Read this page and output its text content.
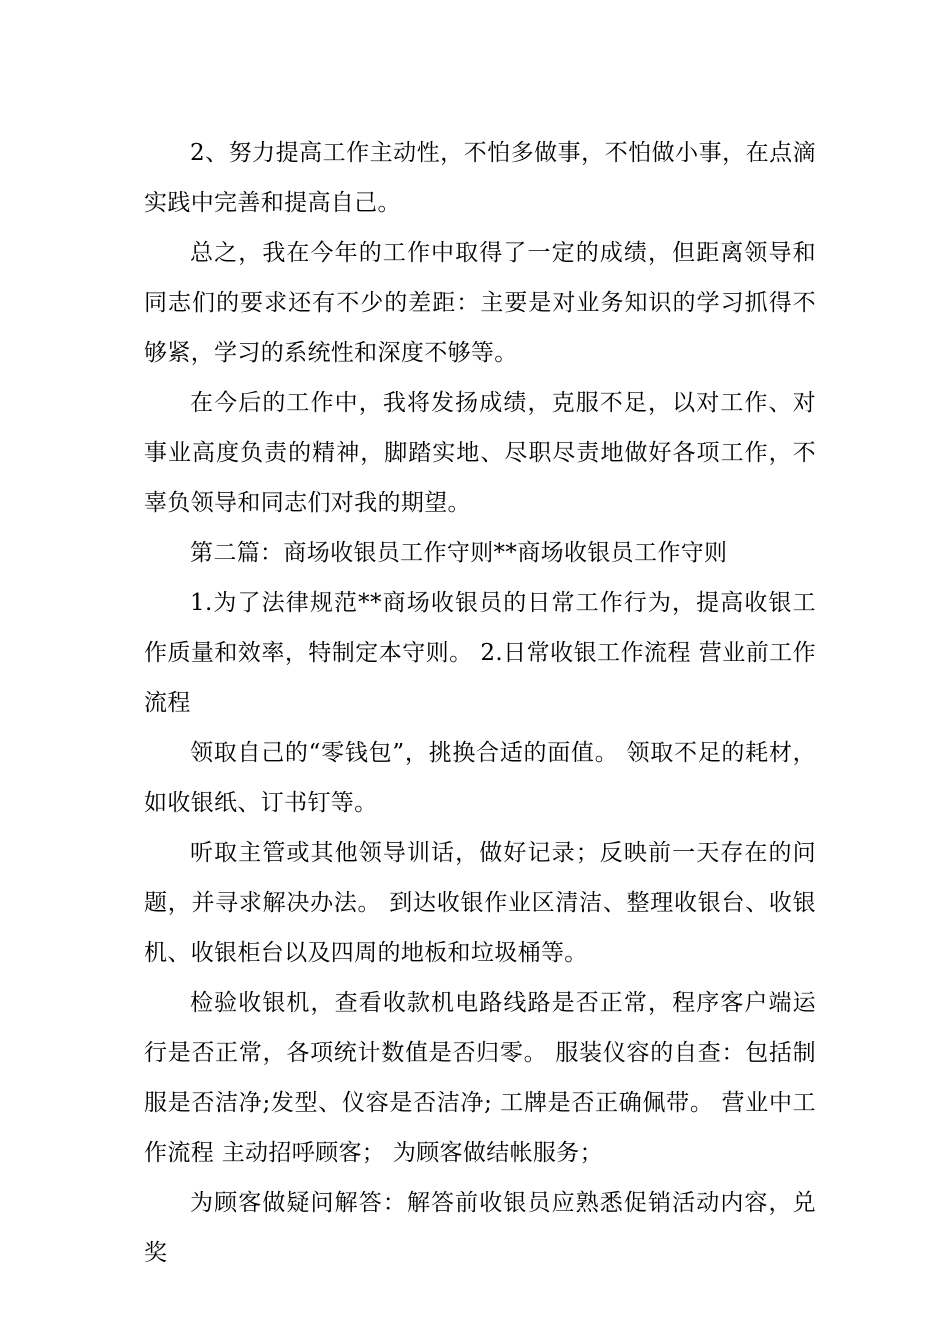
2、努力提高工作主动性，不怕多做事，不怕做小事，在点滴实践中完善和提高自己。

总之，我在今年的工作中取得了一定的成绩，但距离领导和同志们的要求还有不少的差距：主要是对业务知识的学习抓得不够紧，学习的系统性和深度不够等。

在今后的工作中，我将发扬成绩，克服不足，以对工作、对事业高度负责的精神，脚踏实地、尽职尽责地做好各项工作，不辜负领导和同志们对我的期望。

第二篇：商场收银员工作守则**商场收银员工作守则

1.为了法律规范**商场收银员的日常工作行为，提高收银工作质量和效率，特制定本守则。 2.日常收银工作流程 营业前工作流程

领取自己的“零钱包”，挑换合适的面值。 领取不足的耗材，如收银纸、订书钉等。

听取主管或其他领导训话，做好记录；反映前一天存在的问题，并寻求解决办法。 到达收银作业区清洁、整理收银台、收银机、收银柜台以及四周的地板和垃圾桶等。

检验收银机，查看收款机电路线路是否正常，程序客户端运行是否正常，各项统计数值是否归零。 服装仪容的自查：包括制服是否洁净;发型、仪容是否洁净; 工牌是否正确佩带。 营业中工作流程 主动招呼顾客； 为顾客做结帐服务；

为顾客做疑问解答：解答前收银员应熟悉促销活动内容，兑奖
